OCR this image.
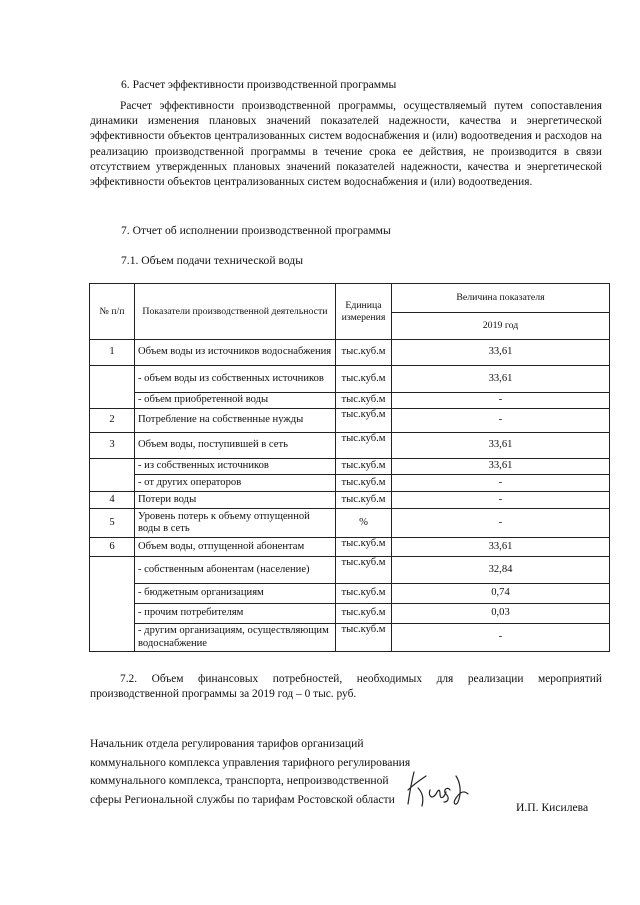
6. Расчет эффективности производственной программы

Расчет эффективности производственной программы, осуществляемый путем сопоставления динамики изменения плановых значений показателей надежности, качества и энергетической эффективности объектов централизованных систем водоснабжения и (или) водоотведения и расходов на реализацию производственной программы в течение срока ее действия, не производится в связи отсутствием утвержденных плановых значений показателей надежности, качества и энергетической эффективности объектов централизованных систем водоснабжения и (или) водоотведения.

7. Отчет об исполнении производственной программы
7.1. Объем подачи технической воды
№ п/п	Показатели производственной деятельности	Единица измерения	Величина показателя
			2019 год
1	Объем воды из источников водоснабжения	тыс.куб.м	33,61
	- объем воды из собственных источников	тыс.куб.м	33,61
	- объем приобретенной воды	тыс.куб.м	-
2	Потребление на собственные нужды	тыс.куб.м	-
3	Объем воды, поступившей в сеть	тыс.куб.м	33,61
	- из собственных источников	тыс.куб.м	33,61
	- от других операторов	тыс.куб.м	-
4	Потери воды	тыс.куб.м	-
5	Уровень потерь к объему отпущенной воды в сеть	%	-
6	Объем воды, отпущенной абонентам	тыс.куб.м	33,61
	- собственным абонентам (население)	тыс.куб.м	32,84
	- бюджетным организациям	тыс.куб.м	0,74
	- прочим потребителям	тыс.куб.м	0,03
	- другим организациям, осуществляющим водоснабжение	тыс.куб.м	-

7.2. Объем финансовых потребностей, необходимых для реализации мероприятий производственной программы за 2019 год – 0 тыс. руб.

Начальник отдела регулирования тарифов организаций коммунального комплекса управления тарифного регулирования коммунального комплекса, транспорта, непроизводственной сферы Региональной службы по тарифам Ростовской области

И.П. Кисилева
